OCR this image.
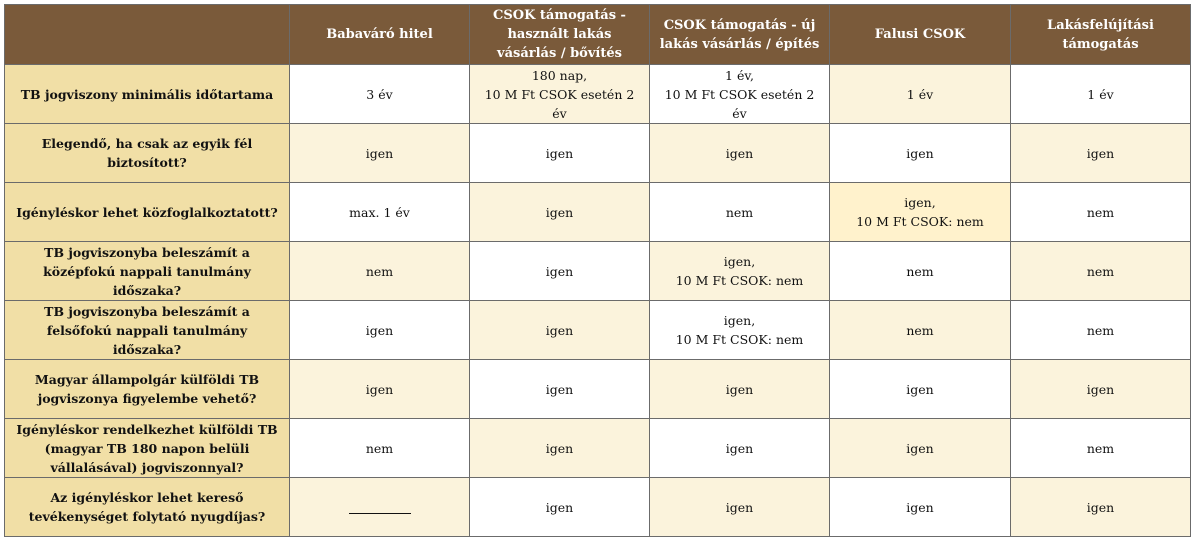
	Babaváró hitel	CSOK támogatás - használt lakás vásárlás / bővítés	CSOK támogatás - új lakás vásárlás / építés	Falusi CSOK	Lakásfelújítási támogatás
TB jogviszony minimális időtartama	3 év	180 nap,
10 M Ft CSOK esetén 2 év	1 év,
10 M Ft CSOK esetén 2 év	1 év	1 év

Elegendő, ha csak az egyik fél biztosított?	igen	igen	igen	igen	igen

Igényléskor lehet közfoglalkoztatott?	max. 1 év	igen	nem	igen,
10 M Ft CSOK: nem	nem

TB jogviszonyba beleszámít a középfokú nappali tanulmány időszaka?	nem	igen	igen,
10 M Ft CSOK: nem	nem	nem

TB jogviszonyba beleszámít a felsőfokú nappali tanulmány időszaka?	igen	igen	igen,
10 M Ft CSOK: nem	nem	nem

Magyar állampolgár külföldi TB jogviszonya figyelembe vehető?	igen	igen	igen	igen	igen

Igényléskor rendelkezhet külföldi TB (magyar TB 180 napon belüli vállalásával) jogviszonnyal?	nem	igen	igen	igen	nem

Az igényléskor lehet kereső tevékenységet folytató nyugdíjas?		igen	igen	igen	igen
